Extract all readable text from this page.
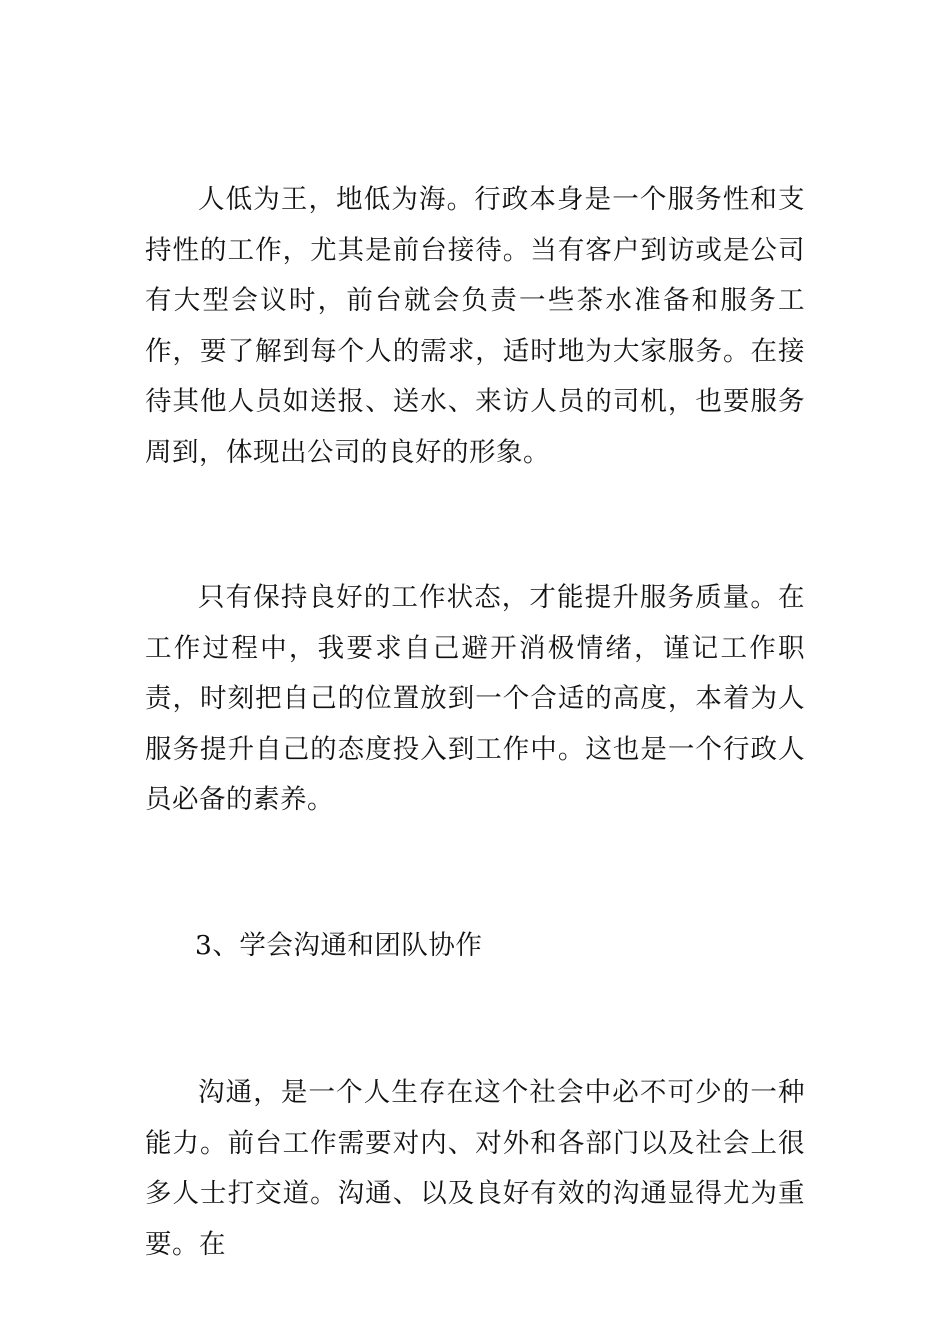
人低为王，地低为海。行政本身是一个服务性和支持性的工作，尤其是前台接待。当有客户到访或是公司有大型会议时，前台就会负责一些茶水准备和服务工作，要了解到每个人的需求，适时地为大家服务。在接待其他人员如送报、送水、来访人员的司机，也要服务周到，体现出公司的良好的形象。

只有保持良好的工作状态，才能提升服务质量。在工作过程中，我要求自己避开消极情绪，谨记工作职责，时刻把自己的位置放到一个合适的高度，本着为人服务提升自己的态度投入到工作中。这也是一个行政人员必备的素养。

3、学会沟通和团队协作

沟通，是一个人生存在这个社会中必不可少的一种能力。前台工作需要对内、对外和各部门以及社会上很多人士打交道。沟通、以及良好有效的沟通显得尤为重要。在
